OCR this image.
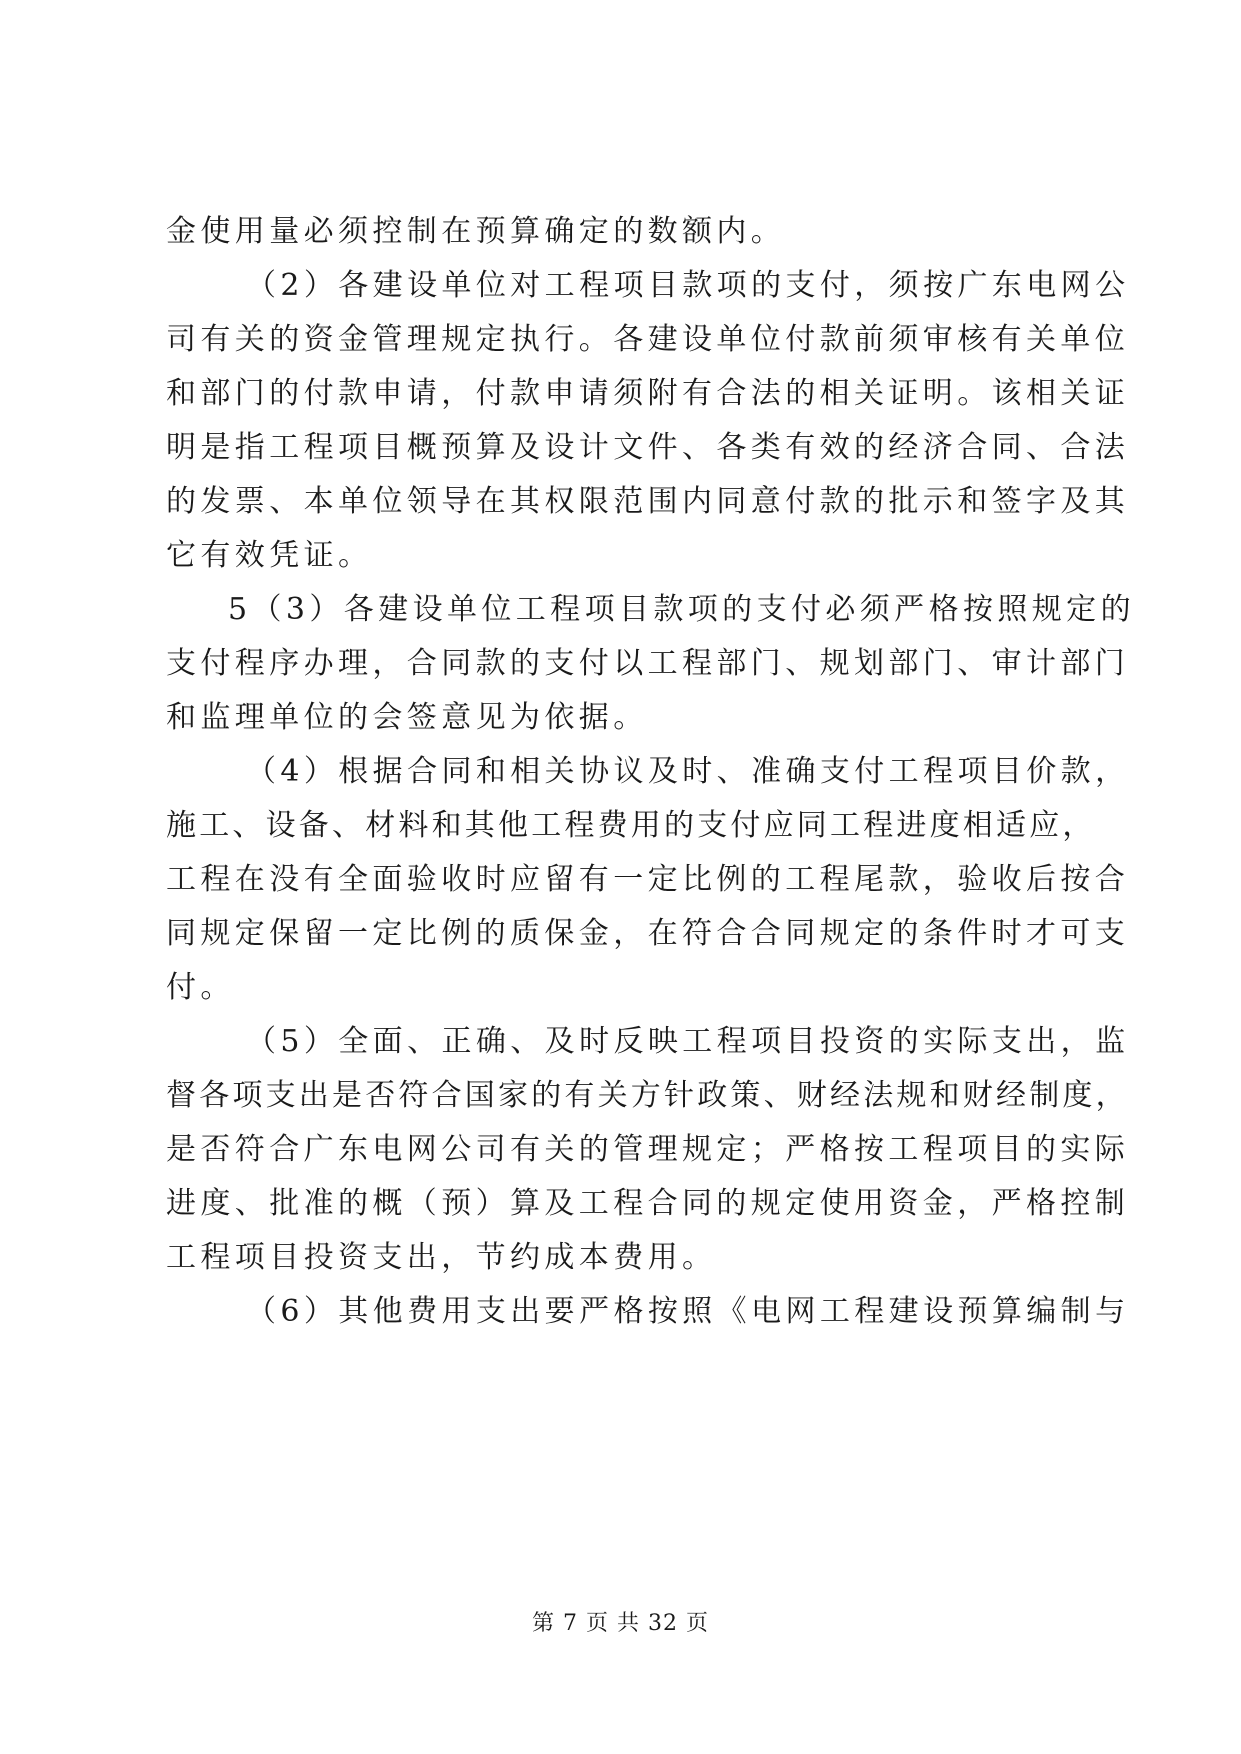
金使用量必须控制在预算确定的数额内。
（2）各建设单位对工程项目款项的支付，须按广东电网公
司有关的资金管理规定执行。各建设单位付款前须审核有关单位
和部门的付款申请，付款申请须附有合法的相关证明。该相关证
明是指工程项目概预算及设计文件、各类有效的经济合同、合法
的发票、本单位领导在其权限范围内同意付款的批示和签字及其
它有效凭证。
5（3）各建设单位工程项目款项的支付必须严格按照规定的
支付程序办理，合同款的支付以工程部门、规划部门、审计部门
和监理单位的会签意见为依据。
（4）根据合同和相关协议及时、准确支付工程项目价款，
施工、设备、材料和其他工程费用的支付应同工程进度相适应，
工程在没有全面验收时应留有一定比例的工程尾款，验收后按合
同规定保留一定比例的质保金，在符合合同规定的条件时才可支
付。
（5）全面、正确、及时反映工程项目投资的实际支出，监
督各项支出是否符合国家的有关方针政策、财经法规和财经制度，
是否符合广东电网公司有关的管理规定；严格按工程项目的实际
进度、批准的概（预）算及工程合同的规定使用资金，严格控制
工程项目投资支出，节约成本费用。
（6）其他费用支出要严格按照《电网工程建设预算编制与
第 7 页 共 32 页
